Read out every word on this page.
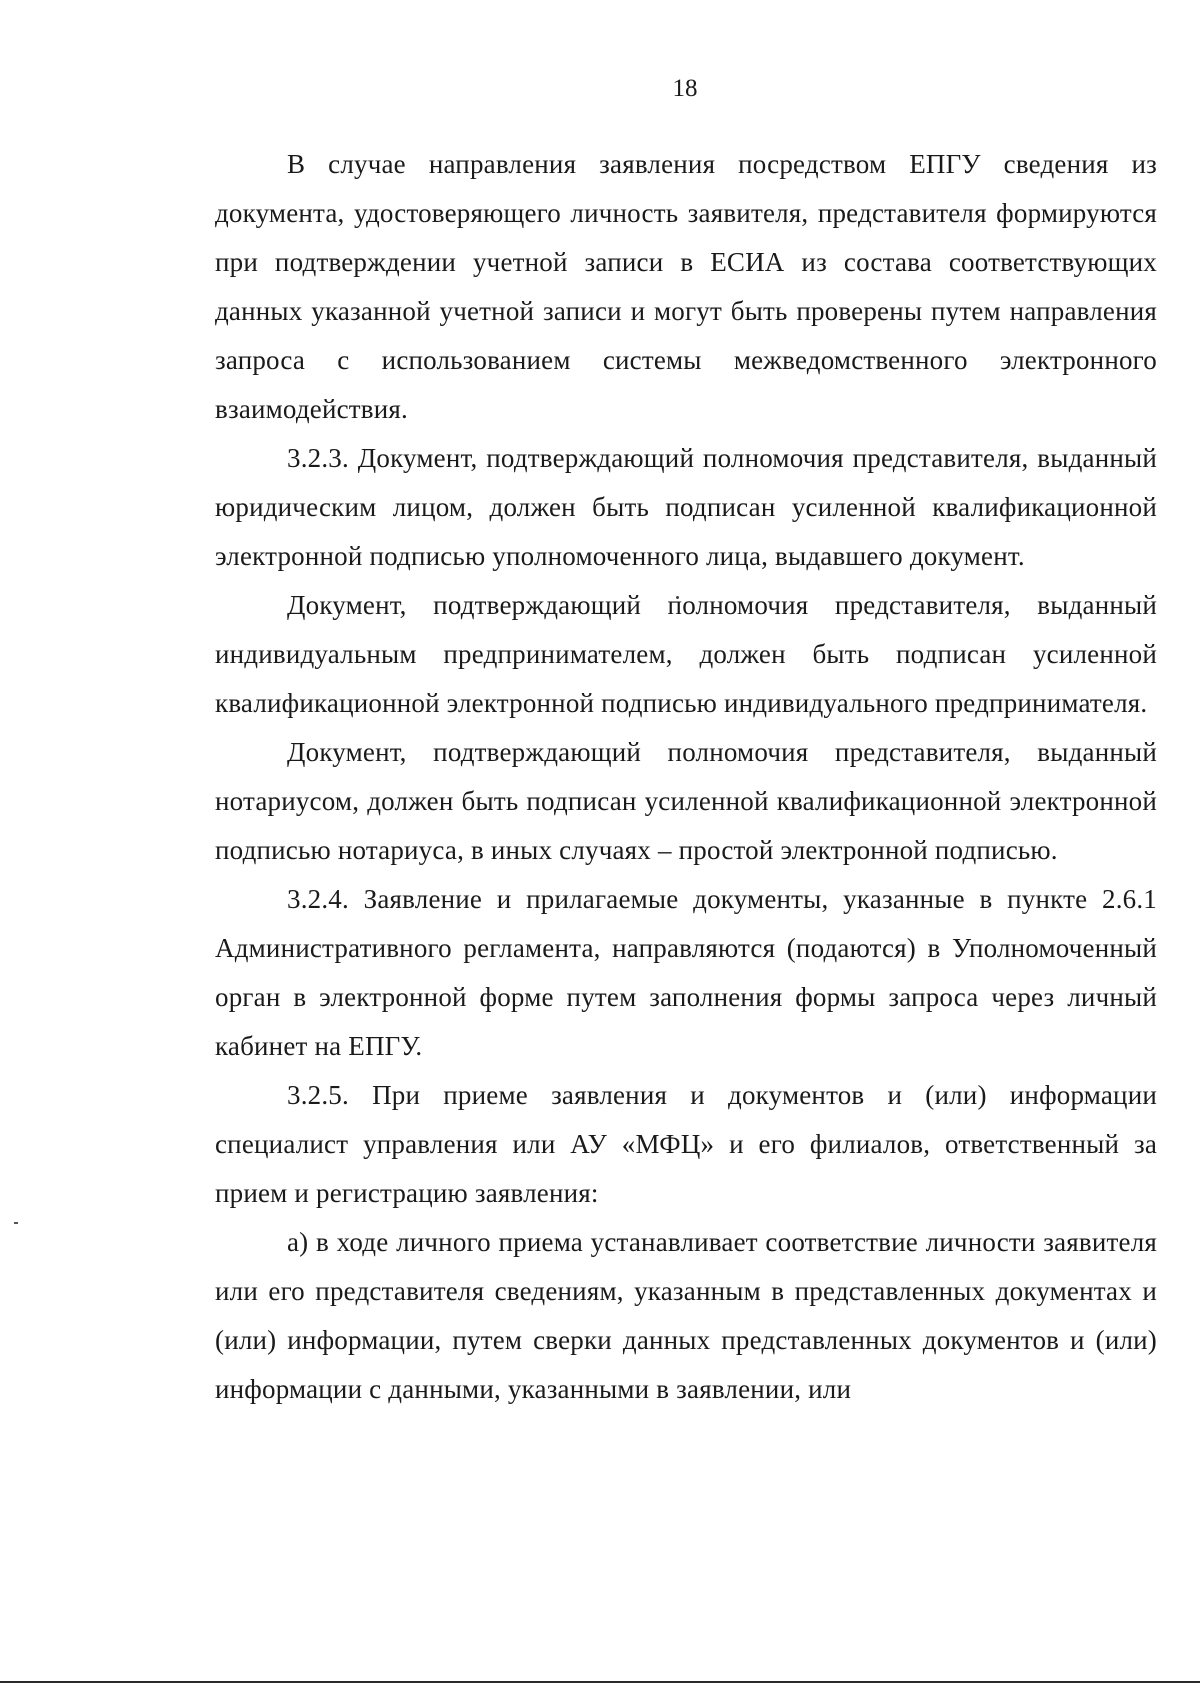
18

В случае направления заявления посредством ЕПГУ сведения из документа, удостоверяющего личность заявителя, представителя формируются при подтверждении учетной записи в ЕСИА из состава соответствующих данных указанной учетной записи и могут быть проверены путем направления запроса с использованием системы межведомственного электронного взаимодействия.

3.2.3. Документ, подтверждающий полномочия представителя, выданный юридическим лицом, должен быть подписан усиленной квалификационной электронной подписью уполномоченного лица, выдавшего документ.

Документ, подтверждающий полномочия представителя, выданный индивидуальным предпринимателем, должен быть подписан усиленной квалификационной электронной подписью индивидуального предпринимателя.

Документ, подтверждающий полномочия представителя, выданный нотариусом, должен быть подписан усиленной квалификационной электронной подписью нотариуса, в иных случаях – простой электронной подписью.

3.2.4. Заявление и прилагаемые документы, указанные в пункте 2.6.1 Административного регламента, направляются (подаются) в Уполномоченный орган в электронной форме путем заполнения формы запроса через личный кабинет на ЕПГУ.

3.2.5. При приеме заявления и документов и (или) информации специалист управления или АУ «МФЦ» и его филиалов, ответственный за прием и регистрацию заявления:

а) в ходе личного приема устанавливает соответствие личности заявителя или его представителя сведениям, указанным в представленных документах и (или) информации, путем сверки данных представленных документов и (или) информации с данными, указанными в заявлении, или
